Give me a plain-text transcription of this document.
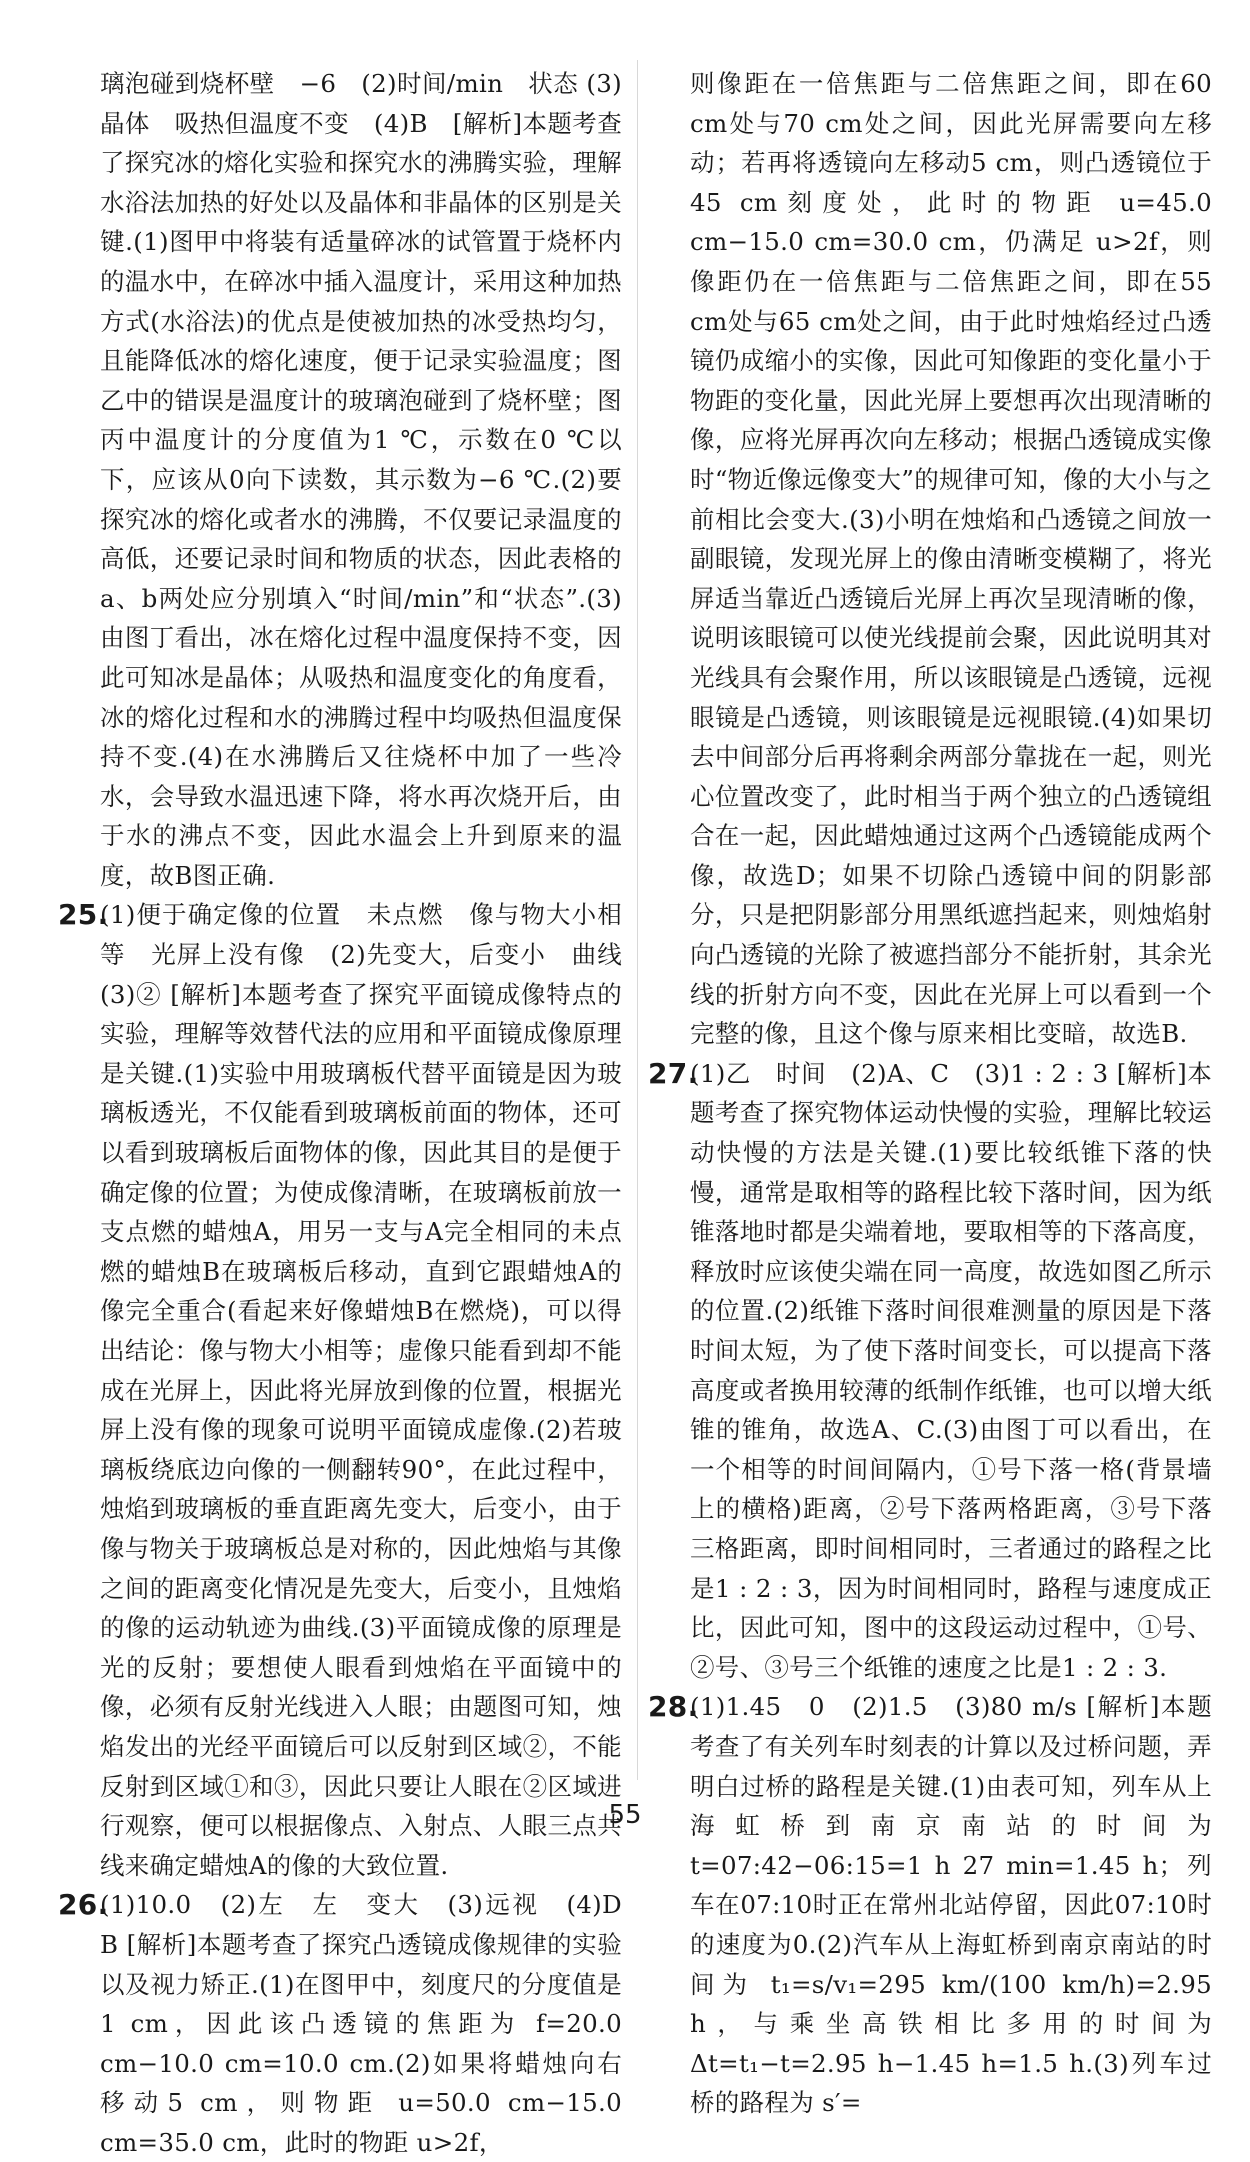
璃泡碰到烧杯壁　−6　(2)时间/min　状态 (3)晶体　吸热但温度不变　(4)B　[解析]本题考查了探究冰的熔化实验和探究水的沸腾实验，理解水浴法加热的好处以及晶体和非晶体的区别是关键.(1)图甲中将装有适量碎冰的试管置于烧杯内的温水中，在碎冰中插入温度计，采用这种加热方式(水浴法)的优点是使被加热的冰受热均匀，且能降低冰的熔化速度，便于记录实验温度；图乙中的错误是温度计的玻璃泡碰到了烧杯壁；图丙中温度计的分度值为1 ℃，示数在0 ℃以下，应该从0向下读数，其示数为−6 ℃.(2)要探究冰的熔化或者水的沸腾，不仅要记录温度的高低，还要记录时间和物质的状态，因此表格的a、b两处应分别填入“时间/min”和“状态”.(3)由图丁看出，冰在熔化过程中温度保持不变，因此可知冰是晶体；从吸热和温度变化的角度看，冰的熔化过程和水的沸腾过程中均吸热但温度保持不变.(4)在水沸腾后又往烧杯中加了一些冷水，会导致水温迅速下降，将水再次烧开后，由于水的沸点不变，因此水温会上升到原来的温度，故B图正确.

25.
(1)便于确定像的位置　未点燃　像与物大小相等　光屏上没有像　(2)先变大，后变小　曲线　(3)② [解析]本题考查了探究平面镜成像特点的实验，理解等效替代法的应用和平面镜成像原理是关键.(1)实验中用玻璃板代替平面镜是因为玻璃板透光，不仅能看到玻璃板前面的物体，还可以看到玻璃板后面物体的像，因此其目的是便于确定像的位置；为使成像清晰，在玻璃板前放一支点燃的蜡烛A，用另一支与A完全相同的未点燃的蜡烛B在玻璃板后移动，直到它跟蜡烛A的像完全重合(看起来好像蜡烛B在燃烧)，可以得出结论：像与物大小相等；虚像只能看到却不能成在光屏上，因此将光屏放到像的位置，根据光屏上没有像的现象可说明平面镜成虚像.(2)若玻璃板绕底边向像的一侧翻转90°，在此过程中，烛焰到玻璃板的垂直距离先变大，后变小，由于像与物关于玻璃板总是对称的，因此烛焰与其像之间的距离变化情况是先变大，后变小，且烛焰的像的运动轨迹为曲线.(3)平面镜成像的原理是光的反射；要想使人眼看到烛焰在平面镜中的像，必须有反射光线进入人眼；由题图可知，烛焰发出的光经平面镜后可以反射到区域②，不能反射到区域①和③，因此只要让人眼在②区域进行观察，便可以根据像点、入射点、人眼三点共线来确定蜡烛A的像的大致位置.
26.
(1)10.0　(2)左　左　变大　(3)远视　(4)D　B [解析]本题考查了探究凸透镜成像规律的实验以及视力矫正.(1)在图甲中，刻度尺的分度值是1 cm，因此该凸透镜的焦距为 f=20.0 cm−10.0 cm=10.0 cm.(2)如果将蜡烛向右移动5 cm，则物距 u=50.0 cm−15.0 cm=35.0 cm，此时的物距 u>2f，

则像距在一倍焦距与二倍焦距之间，即在60 cm处与70 cm处之间，因此光屏需要向左移动；若再将透镜向左移动5 cm，则凸透镜位于45 cm刻度处，此时的物距 u=45.0 cm−15.0 cm=30.0 cm，仍满足 u>2f，则像距仍在一倍焦距与二倍焦距之间，即在55 cm处与65 cm处之间，由于此时烛焰经过凸透镜仍成缩小的实像，因此可知像距的变化量小于物距的变化量，因此光屏上要想再次出现清晰的像，应将光屏再次向左移动；根据凸透镜成实像时“物近像远像变大”的规律可知，像的大小与之前相比会变大.(3)小明在烛焰和凸透镜之间放一副眼镜，发现光屏上的像由清晰变模糊了，将光屏适当靠近凸透镜后光屏上再次呈现清晰的像，说明该眼镜可以使光线提前会聚，因此说明其对光线具有会聚作用，所以该眼镜是凸透镜，远视眼镜是凸透镜，则该眼镜是远视眼镜.(4)如果切去中间部分后再将剩余两部分靠拢在一起，则光心位置改变了，此时相当于两个独立的凸透镜组合在一起，因此蜡烛通过这两个凸透镜能成两个像，故选D；如果不切除凸透镜中间的阴影部分，只是把阴影部分用黑纸遮挡起来，则烛焰射向凸透镜的光除了被遮挡部分不能折射，其余光线的折射方向不变，因此在光屏上可以看到一个完整的像，且这个像与原来相比变暗，故选B.

27.
(1)乙　时间　(2)A、C　(3)1 : 2 : 3 [解析]本题考查了探究物体运动快慢的实验，理解比较运动快慢的方法是关键.(1)要比较纸锥下落的快慢，通常是取相等的路程比较下落时间，因为纸锥落地时都是尖端着地，要取相等的下落高度，释放时应该使尖端在同一高度，故选如图乙所示的位置.(2)纸锥下落时间很难测量的原因是下落时间太短，为了使下落时间变长，可以提高下落高度或者换用较薄的纸制作纸锥，也可以增大纸锥的锥角，故选A、C.(3)由图丁可以看出，在一个相等的时间间隔内，①号下落一格(背景墙上的横格)距离，②号下落两格距离，③号下落三格距离，即时间相同时，三者通过的路程之比是1 : 2 : 3，因为时间相同时，路程与速度成正比，因此可知，图中的这段运动过程中，①号、②号、③号三个纸锥的速度之比是1 : 2 : 3.
28.
(1)1.45　0　(2)1.5　(3)80 m/s [解析]本题考查了有关列车时刻表的计算以及过桥问题，弄明白过桥的路程是关键.(1)由表可知，列车从上海虹桥到南京南站的时间为 t=07:42−06:15=1 h 27 min=1.45 h；列车在07:10时正在常州北站停留，因此07:10时的速度为0.(2)汽车从上海虹桥到南京南站的时间为 t₁=s/v₁=295 km/(100 km/h)=2.95 h，与乘坐高铁相比多用的时间为 Δt=t₁−t=2.95 h−1.45 h=1.5 h.(3)列车过桥的路程为 s′=
55
